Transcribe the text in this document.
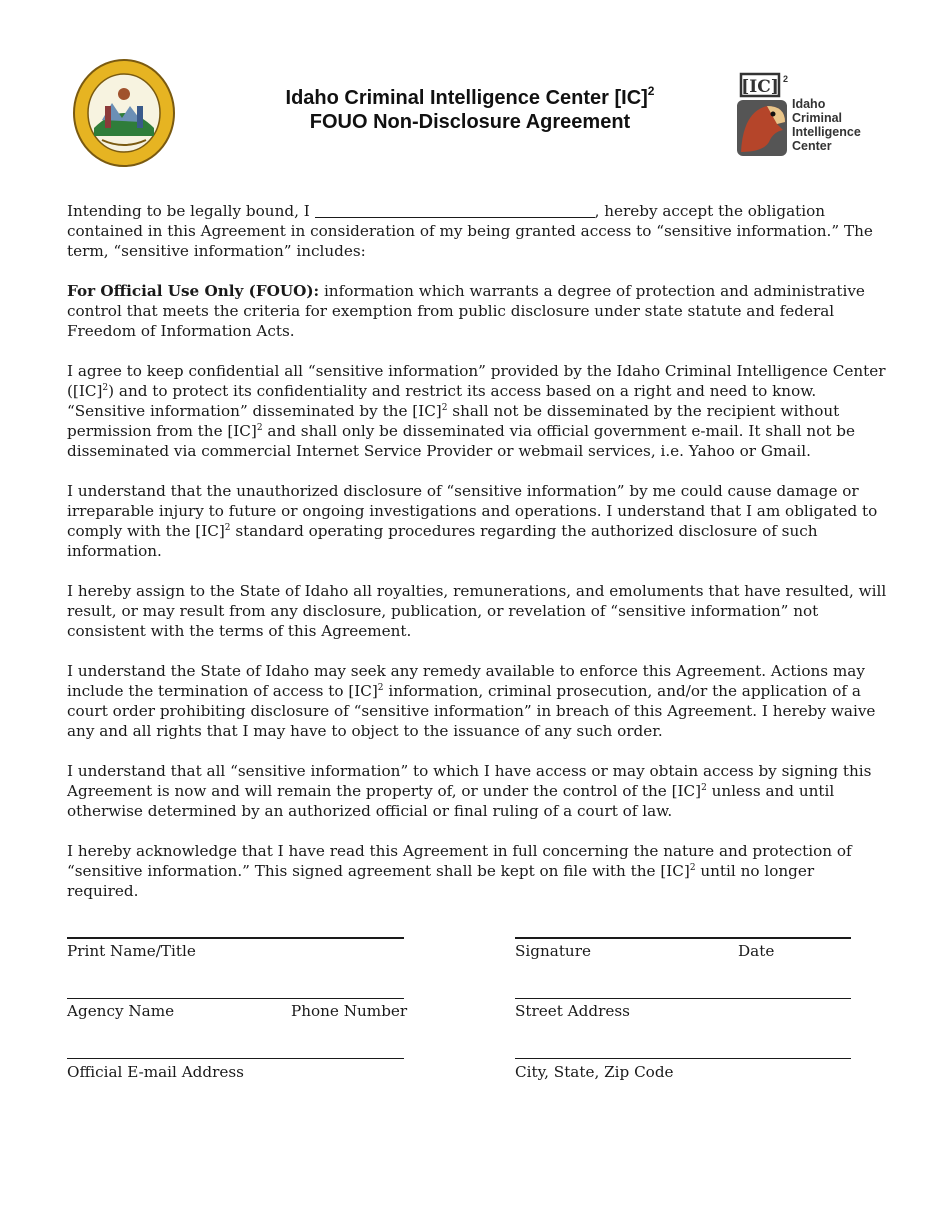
Idaho Criminal Intelligence Center [IC]$^2$
FOUO Non-Disclosure Agreement
[IC] 2
Idaho
Criminal
Intelligence
Center

Intending to be legally bound, I	, hereby accept the obligation contained in this Agreement in consideration of my being granted access to “sensitive information.” The term, “sensitive information” includes:

For Official Use Only (FOUO): information which warrants a degree of protection and administrative control that meets the criteria for exemption from public disclosure under state statute and federal Freedom of Information Acts.

I agree to keep confidential all “sensitive information” provided by the Idaho Criminal Intelligence Center ([IC]$^2$) and to protect its confidentiality and restrict its access based on a right and need to know. “Sensitive information” disseminated by the [IC]$^2$ shall not be disseminated by the recipient without permission from the [IC]$^2$ and shall only be disseminated via official government e-mail. It shall not be disseminated via commercial Internet Service Provider or webmail services, i.e. Yahoo or Gmail.

I understand that the unauthorized disclosure of “sensitive information” by me could cause damage or irreparable injury to future or ongoing investigations and operations. I understand that I am obligated to comply with the [IC]$^2$ standard operating procedures regarding the authorized disclosure of such information.

I hereby assign to the State of Idaho all royalties, remunerations, and emoluments that have resulted, will result, or may result from any disclosure, publication, or revelation of “sensitive information” not consistent with the terms of this Agreement.

I understand the State of Idaho may seek any remedy available to enforce this Agreement. Actions may include the termination of access to [IC]$^2$ information, criminal prosecution, and/or the application of a court order prohibiting disclosure of “sensitive information” in breach of this Agreement. I hereby waive any and all rights that I may have to object to the issuance of any such order.

I understand that all “sensitive information” to which I have access or may obtain access by signing this Agreement is now and will remain the property of, or under the control of the [IC]$^2$ unless and until otherwise determined by an authorized official or final ruling of a court of law.

I hereby acknowledge that I have read this Agreement in full concerning the nature and protection of “sensitive information.” This signed agreement shall be kept on file with the [IC]$^2$ until no longer required.

Print Name/Title	Signature	Date
Agency Name	Phone Number	Street Address
Official E-mail Address	City, State, Zip Code
